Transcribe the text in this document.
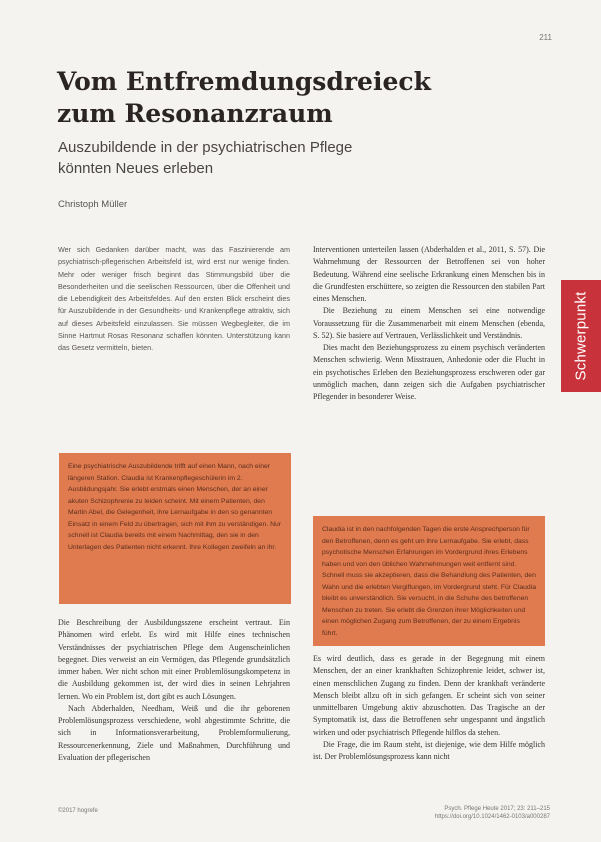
211
Vom Entfremdungsdreieck
zum Resonanzraum
Auszubildende in der psychiatrischen Pflege
könnten Neues erleben
Christoph Müller

Wer sich Gedanken darüber macht, was das Faszinierende am psychiatrisch-pflegerischen Arbeitsfeld ist, wird erst nur wenige finden. Mehr oder weniger frisch beginnt das Stimmungsbild über die Besonderheiten und die seelischen Ressourcen, über die Offenheit und die Lebendigkeit des Arbeitsfeldes. Auf den ersten Blick erscheint dies für Auszubildende in der Gesundheits- und Krankenpflege attraktiv, sich auf dieses Arbeitsfeld einzulassen. Sie müssen Wegbegleiter, die im Sinne Hartmut Rosas Resonanz schaffen könnten. Unterstützung kann das Gesetz vermitteln, bieten.

Interventionen unterteilen lassen (Abderhalden et al., 2011, S. 57). Die Wahrnehmung der Ressourcen der Betroffenen sei von hoher Bedeutung. Während eine seelische Erkrankung einen Menschen bis in die Grundfesten erschüttere, so zeigten die Ressourcen den stabilen Part eines Menschen.

Die Beziehung zu einem Menschen sei eine notwendige Voraussetzung für die Zusammenarbeit mit einem Menschen (ebenda, S. 52). Sie basiere auf Vertrauen, Verlässlichkeit und Verständnis.

Dies macht den Beziehungsprozess zu einem psychisch veränderten Menschen schwierig. Wenn Misstrauen, Anhedonie oder die Flucht in ein psychotisches Erleben den Beziehungsprozess erschweren oder gar unmöglich machen, dann zeigen sich die Aufgaben psychiatrischer Pflegender in besonderer Weise.

Eine psychiatrische Auszubildende trifft auf einen Mann, nach einer längeren Station. Claudia ist Krankenpflegeschülerin im 2. Ausbildungsjahr. Sie erlebt erstmals einen Menschen, der an einer akuten Schizophrenie zu leiden scheint. Mit einem Patienten, den Martin Abel, die Gelegenheit, ihre Lernaufgabe in den so genannten Einsatz in einem Feld zu übertragen, sich mit ihm zu verständigen. Nur schnell ist Claudia bereits mit einem Nachmittag, den sie in den Unterlagen des Patienten nicht erkennt. Ihre Kollegen zweifeln an ihr.

Claudia ist in den nachfolgenden Tagen die erste Ansprechperson für den Betroffenen, denn es geht um ihre Lernaufgabe. Sie erlebt, dass psychotische Menschen Erfahrungen im Vordergrund ihres Erlebens haben und von den üblichen Wahrnehmungen weit entfernt sind. Schnell muss sie akzeptieren, dass die Behandlung des Patienten, den Wahn und die erlebten Vergiftungen, im Vordergrund steht. Für Claudia bleibt es unverständlich. Sie versucht, in die Schuhe des betroffenen Menschen zu treten. Sie erlebt die Grenzen ihrer Möglichkeiten und einen möglichen Zugang zum Betroffenen, der zu einem Ergebnis führt.

Die Beschreibung der Ausbildungsszene erscheint vertraut. Ein Phänomen wird erlebt. Es wird mit Hilfe eines technischen Verständnisses der psychiatrischen Pflege dem Augenscheinlichen begegnet. Dies verweist an ein Vermögen, das Pflegende grundsätzlich immer haben. Wer nicht schon mit einer Problemlösungskompetenz in die Ausbildung gekommen ist, der wird dies in seinen Lehrjahren lernen. Wo ein Problem ist, dort gibt es auch Lösungen.

Nach Abderhalden, Needham, Weiß und die ihr geborenen Problemlösungsprozess verschiedene, wohl abgestimmte Schritte, die sich in Informationsverarbeitung, Problemformulierung, Ressourcenerkennung, Ziele und Maßnahmen, Durchführung und Evaluation der pflegerischen

Es wird deutlich, dass es gerade in der Begegnung mit einem Menschen, der an einer krankhaften Schizophrenie leidet, schwer ist, einen menschlichen Zugang zu finden. Denn der krankhaft veränderte Mensch bleibt allzu oft in sich gefangen. Er scheint sich von seiner unmittelbaren Umgebung aktiv abzuschotten. Das Tragische an der Symptomatik ist, dass die Betroffenen sehr ungespannt und ängstlich wirken und oder psychiatrisch Pflegende hilflos da stehen.

Die Frage, die im Raum steht, ist diejenige, wie dem Hilfe möglich ist. Der Problemlösungsprozess kann nicht

Schwerpunkt
©2017 hogrefe	Psych. Pflege Heute 2017; 23: 211–215
https://doi.org/10.1024/1462-0103/a000287
